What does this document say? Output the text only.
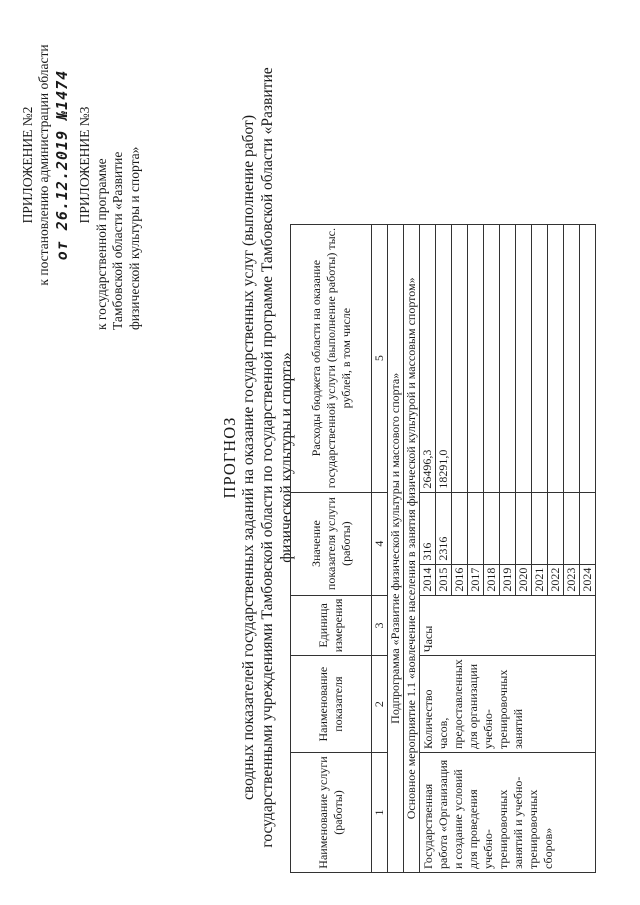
ПРИЛОЖЕНИЕ №2 к постановлению администрации области от 26.12.2019 №1474 ПРИЛОЖЕНИЕ №3 к государственной программе Тамбовской области «Развитие физической культуры и спорта»
ПРОГНОЗ сводных показателей государственных заданий на оказание государственных услуг (выполнение работ) государственными учреждениями Тамбовской области по государственной программе Тамбовской области «Развитие физической культуры и спорта»
Наименование услуги (работы)	Наименование показателя	Единица измерения	Значение показателя услуги (работы)		Расходы бюджета области на оказание государственной услуги (выполнение работы) тыс. рублей, в том числе
1	2	3	4		5
Подпрограмма «Развитие физической культуры и массового спорта»					
Основное мероприятие 1.1 «вовлечение населения в занятия физической культурой и массовым спортом»					
Государственная работа «Организация и создание условий для проведения учебно-тренировочных занятий и учебно-тренировочных сборов»	Количество часов, предоставленных для организации учебно-тренировочных занятий	Часы	2014	316	26496,3
			2015	2316	18291,0
			2016		
			2017		
			2018		
			2019		
			2020		
			2021		
			2022		
			2023		
			2024		
